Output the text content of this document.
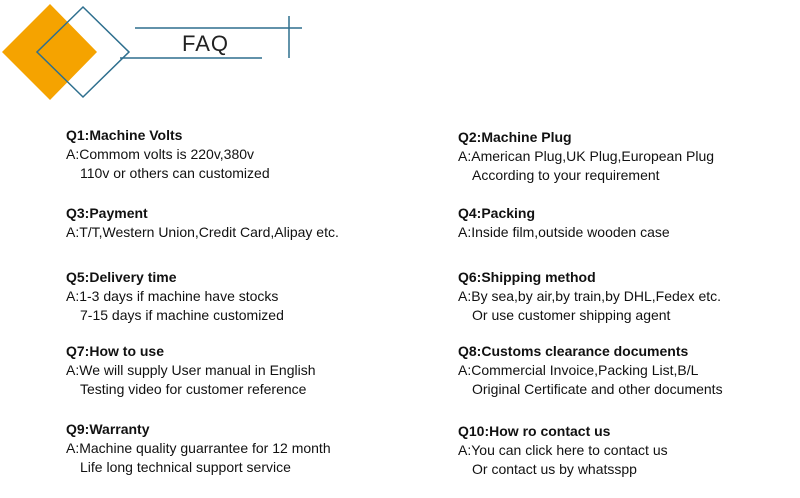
FAQ
Q1:Machine Volts
A:Commom volts is 220v,380v
110v or others can customized
Q3:Payment
A:T/T,Western Union,Credit Card,Alipay etc.
Q5:Delivery time
A:1-3 days if machine have stocks
7-15 days if machine customized
Q7:How to use
A:We will supply User manual in English
Testing video for customer reference
Q9:Warranty
A:Machine quality guarrantee for 12 month
Life long technical support service
Q2:Machine Plug
A:American Plug,UK Plug,European Plug
According to your requirement
Q4:Packing
A:Inside film,outside wooden case
Q6:Shipping method
A:By sea,by air,by train,by DHL,Fedex etc.
Or use customer shipping agent
Q8:Customs clearance documents
A:Commercial Invoice,Packing List,B/L
Original Certificate and other documents
Q10:How ro contact us
A:You can click here to contact us
Or contact us by whatsspp
